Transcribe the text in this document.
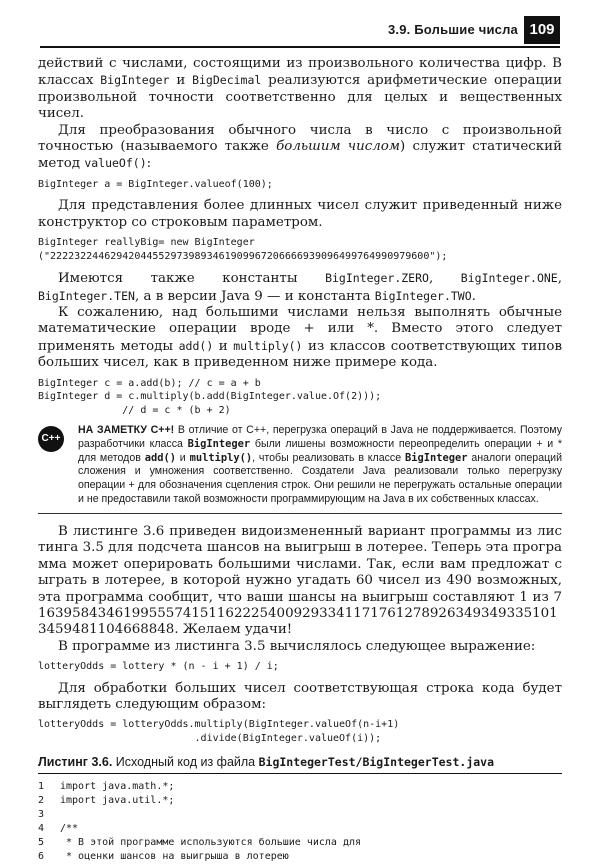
3.9. Большие числа 109

действий с числами, состоящими из произвольного количества цифр. В классах BigInteger и BigDecimal реализуются арифметические операции произвольной точности соответственно для целых и вещественных чисел.

Для преобразования обычного числа в число с произвольной точностью (называемого также большим числом) служит статический метод valueOf():

BigInteger a = BigInteger.valueof(100);

Для представления более длинных чисел служит приведенный ниже конструктор со строковым параметром.

BigInteger reallyBig= new BigInteger
("222232244629420445529739893461909967206666939096499764990979600");

Имеются также константы BigInteger.ZERO, BigInteger.ONE, BigInteger.TEN, а в версии Java 9 — и константа BigInteger.TWO.

К сожалению, над большими числами нельзя выполнять обычные математические операции вроде + или *. Вместо этого следует применять методы add() и multiply() из классов соответствующих типов больших чисел, как в приведенном ниже примере кода.

BigInteger c = a.add(b); // c = a + b
BigInteger d = c.multiply(b.add(BigInteger.value.Of(2)));
// d = c * (b + 2)
C++
НА ЗАМЕТКУ С++! В отличие от С++, перегрузка операций в Java не поддерживается. Поэтому разработчики класса BigInteger были лишены возможности переопределить операции + и * для методов add() и multiply(), чтобы реализовать в классе BigInteger аналоги операций сложения и умножения соответственно. Создатели Java реализовали только перегрузку операции + для обозначения сцепления строк. Они решили не перегружать остальные операции и не предоставили такой возможности программирующим на Java в их собственных классах.

В листинге 3.6 приведен видоизмененный вариант программы из листинга 3.5 для подсчета шансов на выигрыш в лотерее. Теперь эта программа может оперировать большими числами. Так, если вам предложат сыграть в лотерее, в которой нужно угадать 60 чисел из 490 возможных, эта программа сообщит, что ваши шансы на выигрыш составляют 1 из 716395843461995557415116222540092933411717612789263493493351013459481104668848. Желаем удачи!

В программе из листинга 3.5 вычислялось следующее выражение:

lotteryOdds = lottery * (n - i + 1) / i;

Для обработки больших чисел соответствующая строка кода будет выглядеть следующим образом:

lotteryOdds = lotteryOdds.multiply(BigInteger.valueOf(n-i+1)
.divide(BigInteger.valueOf(i));
Листинг 3.6. Исходный код из файла BigIntegerTest/BigIntegerTest.java
1 import java.math.*;
2 import java.util.*;
3
4 /**
5 * В этой программе используются большие числа для
6 * оценки шансов на выигрыша в лотерею
